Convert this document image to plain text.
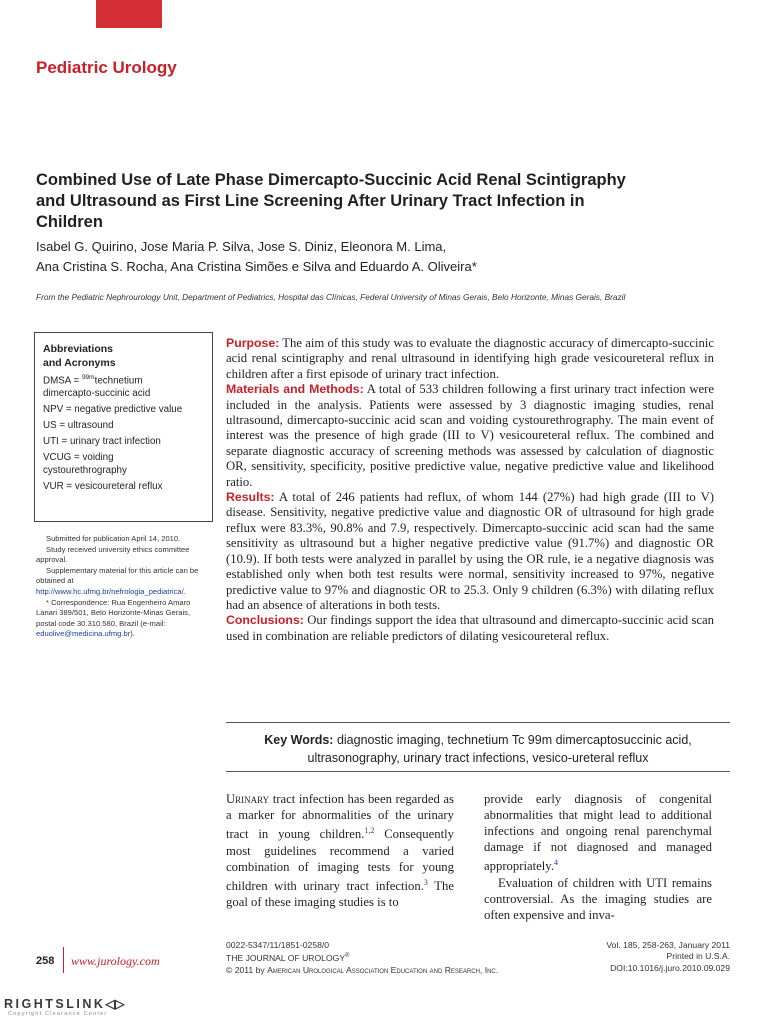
Pediatric Urology
Combined Use of Late Phase Dimercapto-Succinic Acid Renal Scintigraphy and Ultrasound as First Line Screening After Urinary Tract Infection in Children
Isabel G. Quirino, Jose Maria P. Silva, Jose S. Diniz, Eleonora M. Lima,
Ana Cristina S. Rocha, Ana Cristina Simões e Silva and Eduardo A. Oliveira*
From the Pediatric Nephrourology Unit, Department of Pediatrics, Hospital das Clínicas, Federal University of Minas Gerais, Belo Horizonte, Minas Gerais, Brazil
Abbreviations
and Acronyms
DMSA = $^{99m}$technetium
dimercapto-succinic acid
NPV = negative predictive value
US = ultrasound
UTI = urinary tract infection
VCUG = voiding
cystourethrography
VUR = vesicoureteral reflux

Submitted for publication April 14, 2010.

Study received university ethics committee approval.

Supplementary material for this article can be obtained at http://www.hc.ufmg.br/nefrologia_pediatrica/.

* Correspondence: Rua Engenheiro Amaro Lanari 389/501, Belo Horizonte-Minas Gerais, postal code 30.310.580, Brazil (e-mail: eduolive@medicina.ufmg.br).

Purpose: The aim of this study was to evaluate the diagnostic accuracy of dimercapto-succinic acid renal scintigraphy and renal ultrasound in identifying high grade vesicoureteral reflux in children after a first episode of urinary tract infection.
Materials and Methods: A total of 533 children following a first urinary tract infection were included in the analysis. Patients were assessed by 3 diagnostic imaging studies, renal ultrasound, dimercapto-succinic acid scan and voiding cystourethrography. The main event of interest was the presence of high grade (III to V) vesicoureteral reflux. The combined and separate diagnostic accuracy of screening methods was assessed by calculation of diagnostic OR, sensitivity, specificity, positive predictive value, negative predictive value and likelihood ratio.
Results: A total of 246 patients had reflux, of whom 144 (27%) had high grade (III to V) disease. Sensitivity, negative predictive value and diagnostic OR of ultrasound for high grade reflux were 83.3%, 90.8% and 7.9, respectively. Dimercapto-succinic acid scan had the same sensitivity as ultrasound but a higher negative predictive value (91.7%) and diagnostic OR (10.9). If both tests were analyzed in parallel by using the OR rule, ie a negative diagnosis was established only when both test results were normal, sensitivity increased to 97%, negative predictive value to 97% and diagnostic OR to 25.3. Only 9 children (6.3%) with dilating reflux had an absence of alterations in both tests.
Conclusions: Our findings support the idea that ultrasound and dimercapto-succinic acid scan used in combination are reliable predictors of dilating vesicoureteral reflux.
Key Words: diagnostic imaging, technetium Tc 99m dimercaptosuccinic acid, ultrasonography, urinary tract infections, vesico-ureteral reflux
Urinary tract infection has been regarded as a marker for abnormalities of the urinary tract in young children.$^{1,2}$ Consequently most guidelines recommend a varied combination of imaging tests for young children with urinary tract infection.$^3$ The goal of these imaging studies is to
provide early diagnosis of congenital abnormalities that might lead to additional infections and ongoing renal parenchymal damage if not diagnosed and managed appropriately.$^4$
Evaluation of children with UTI remains controversial. As the imaging studies are often expensive and inva-
258 www.jurology.com
0022-5347/11/1851-0258/0
THE JOURNAL OF UROLOGY®
© 2011 by American Urological Association Education and Research, Inc.
Vol. 185, 258-263, January 2011
Printed in U.S.A.
DOI:10.1016/j.juro.2010.09.029
RIGHTSLINK◁▷
Copyright Clearance Center
